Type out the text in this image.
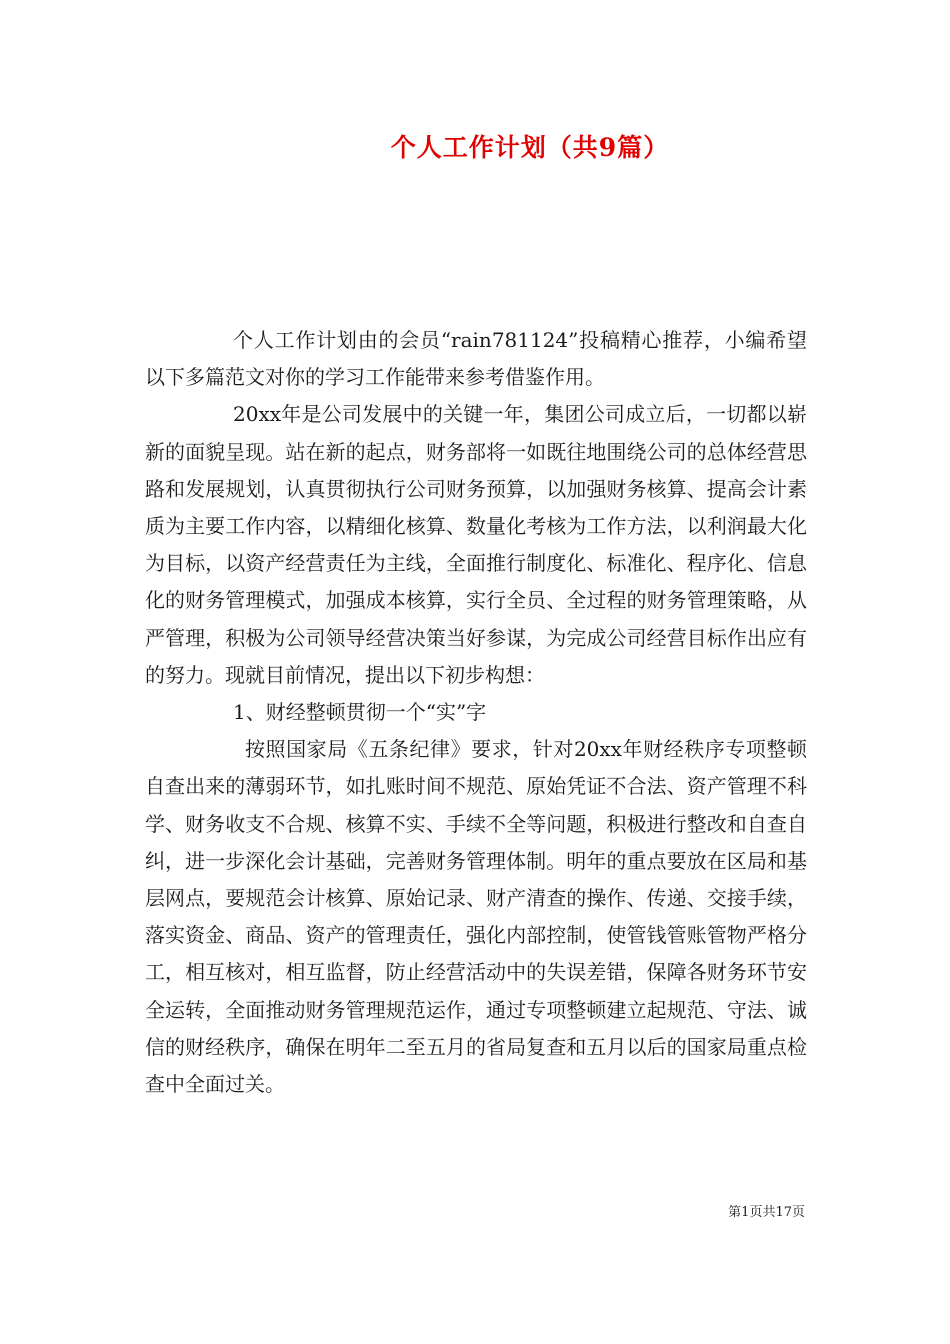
个人工作计划（共9篇）

个人工作计划由的会员“rain781124”投稿精心推荐，小编希望以下多篇范文对你的学习工作能带来参考借鉴作用。

20xx年是公司发展中的关键一年，集团公司成立后，一切都以崭新的面貌呈现。站在新的起点，财务部将一如既往地围绕公司的总体经营思路和发展规划，认真贯彻执行公司财务预算，以加强财务核算、提高会计素质为主要工作内容，以精细化核算、数量化考核为工作方法，以利润最大化为目标，以资产经营责任为主线，全面推行制度化、标准化、程序化、信息化的财务管理模式，加强成本核算，实行全员、全过程的财务管理策略，从严管理，积极为公司领导经营决策当好参谋，为完成公司经营目标作出应有的努力。现就目前情况，提出以下初步构想：

1、财经整顿贯彻一个“实”字

按照国家局《五条纪律》要求，针对20xx年财经秩序专项整顿自查出来的薄弱环节，如扎账时间不规范、原始凭证不合法、资产管理不科学、财务收支不合规、核算不实、手续不全等问题，积极进行整改和自查自纠，进一步深化会计基础，完善财务管理体制。明年的重点要放在区局和基层网点，要规范会计核算、原始记录、财产清查的操作、传递、交接手续，落实资金、商品、资产的管理责任，强化内部控制，使管钱管账管物严格分工，相互核对，相互监督，防止经营活动中的失误差错，保障各财务环节安全运转，全面推动财务管理规范运作，通过专项整顿建立起规范、守法、诚信的财经秩序，确保在明年二至五月的省局复查和五月以后的国家局重点检查中全面过关。

第1页共17页
